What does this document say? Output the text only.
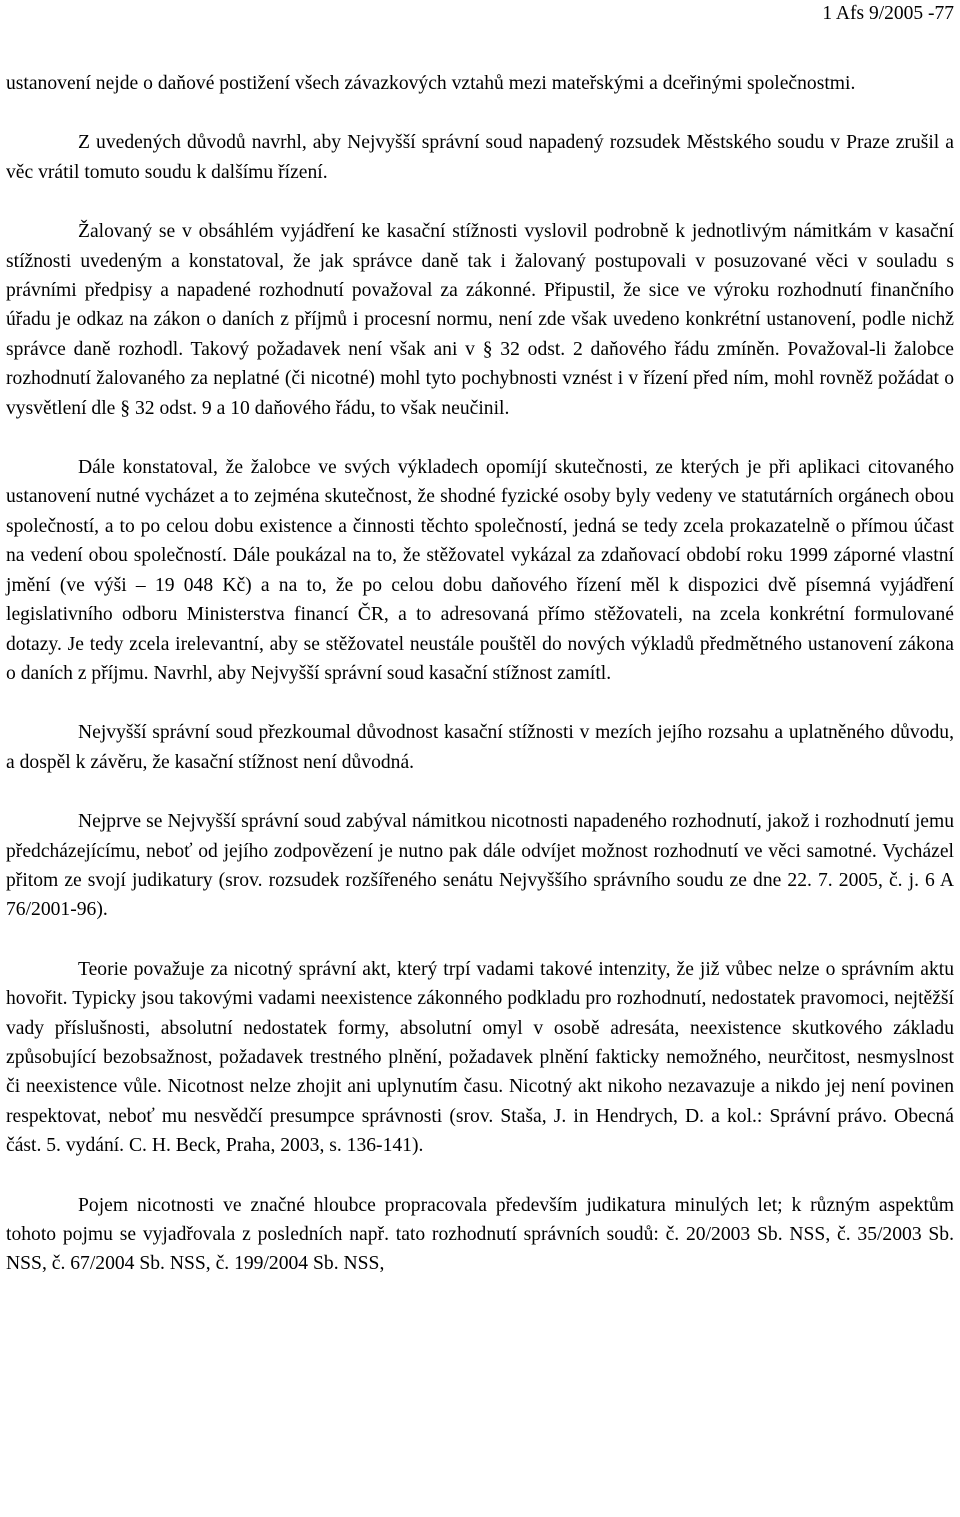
1 Afs 9/2005 -77

ustanovení nejde o daňové postižení všech závazkových vztahů mezi mateřskými a dceřinými společnostmi.

Z uvedených důvodů navrhl, aby Nejvyšší správní soud napadený rozsudek Městského soudu v Praze zrušil a věc vrátil tomuto soudu k dalšímu řízení.

Žalovaný se v obsáhlém vyjádření ke kasační stížnosti vyslovil podrobně k jednotlivým námitkám v kasační stížnosti uvedeným a konstatoval, že jak správce daně tak i žalovaný postupovali v posuzované věci v souladu s právními předpisy a napadené rozhodnutí považoval za zákonné. Připustil, že sice ve výroku rozhodnutí finančního úřadu je odkaz na zákon o daních z příjmů i procesní normu, není zde však uvedeno konkrétní ustanovení, podle nichž správce daně rozhodl. Takový požadavek není však ani v § 32 odst. 2 daňového řádu zmíněn. Považoval-li žalobce rozhodnutí žalovaného za neplatné (či nicotné) mohl tyto pochybnosti vznést i v řízení před ním, mohl rovněž požádat o vysvětlení dle § 32 odst. 9 a 10 daňového řádu, to však neučinil.

Dále konstatoval, že žalobce ve svých výkladech opomíjí skutečnosti, ze kterých je při aplikaci citovaného ustanovení nutné vycházet a to zejména skutečnost, že shodné fyzické osoby byly vedeny ve statutárních orgánech obou společností, a to po celou dobu existence a činnosti těchto společností, jedná se tedy zcela prokazatelně o přímou účast na vedení obou společností. Dále poukázal na to, že stěžovatel vykázal za zdaňovací období roku 1999 záporné vlastní jmění (ve výši – 19 048 Kč) a na to, že po celou dobu daňového řízení měl k dispozici dvě písemná vyjádření legislativního odboru Ministerstva financí ČR, a to adresovaná přímo stěžovateli, na zcela konkrétní formulované dotazy. Je tedy zcela irelevantní, aby se stěžovatel neustále pouštěl do nových výkladů předmětného ustanovení zákona o daních z příjmu. Navrhl, aby Nejvyšší správní soud kasační stížnost zamítl.

Nejvyšší správní soud přezkoumal důvodnost kasační stížnosti v mezích jejího rozsahu a uplatněného důvodu, a dospěl k závěru, že kasační stížnost není důvodná.

Nejprve se Nejvyšší správní soud zabýval námitkou nicotnosti napadeného rozhodnutí, jakož i rozhodnutí jemu předcházejícímu, neboť od jejího zodpovězení je nutno pak dále odvíjet možnost rozhodnutí ve věci samotné. Vycházel přitom ze svojí judikatury (srov. rozsudek rozšířeného senátu Nejvyššího správního soudu ze dne 22. 7. 2005, č. j. 6 A 76/2001-96).

Teorie považuje za nicotný správní akt, který trpí vadami takové intenzity, že již vůbec nelze o správním aktu hovořit. Typicky jsou takovými vadami neexistence zákonného podkladu pro rozhodnutí, nedostatek pravomoci, nejtěžší vady příslušnosti, absolutní nedostatek formy, absolutní omyl v osobě adresáta, neexistence skutkového základu způsobující bezobsažnost, požadavek trestného plnění, požadavek plnění fakticky nemožného, neurčitost, nesmyslnost či neexistence vůle. Nicotnost nelze zhojit ani uplynutím času. Nicotný akt nikoho nezavazuje a nikdo jej není povinen respektovat, neboť mu nesvědčí presumpce správnosti (srov. Staša, J. in Hendrych, D. a kol.: Správní právo. Obecná část. 5. vydání. C. H. Beck, Praha, 2003, s. 136-141).

Pojem nicotnosti ve značné hloubce propracovala především judikatura minulých let; k různým aspektům tohoto pojmu se vyjadřovala z posledních např. tato rozhodnutí správních soudů: č. 20/2003 Sb. NSS, č. 35/2003 Sb. NSS, č. 67/2004 Sb. NSS, č. 199/2004 Sb. NSS,
